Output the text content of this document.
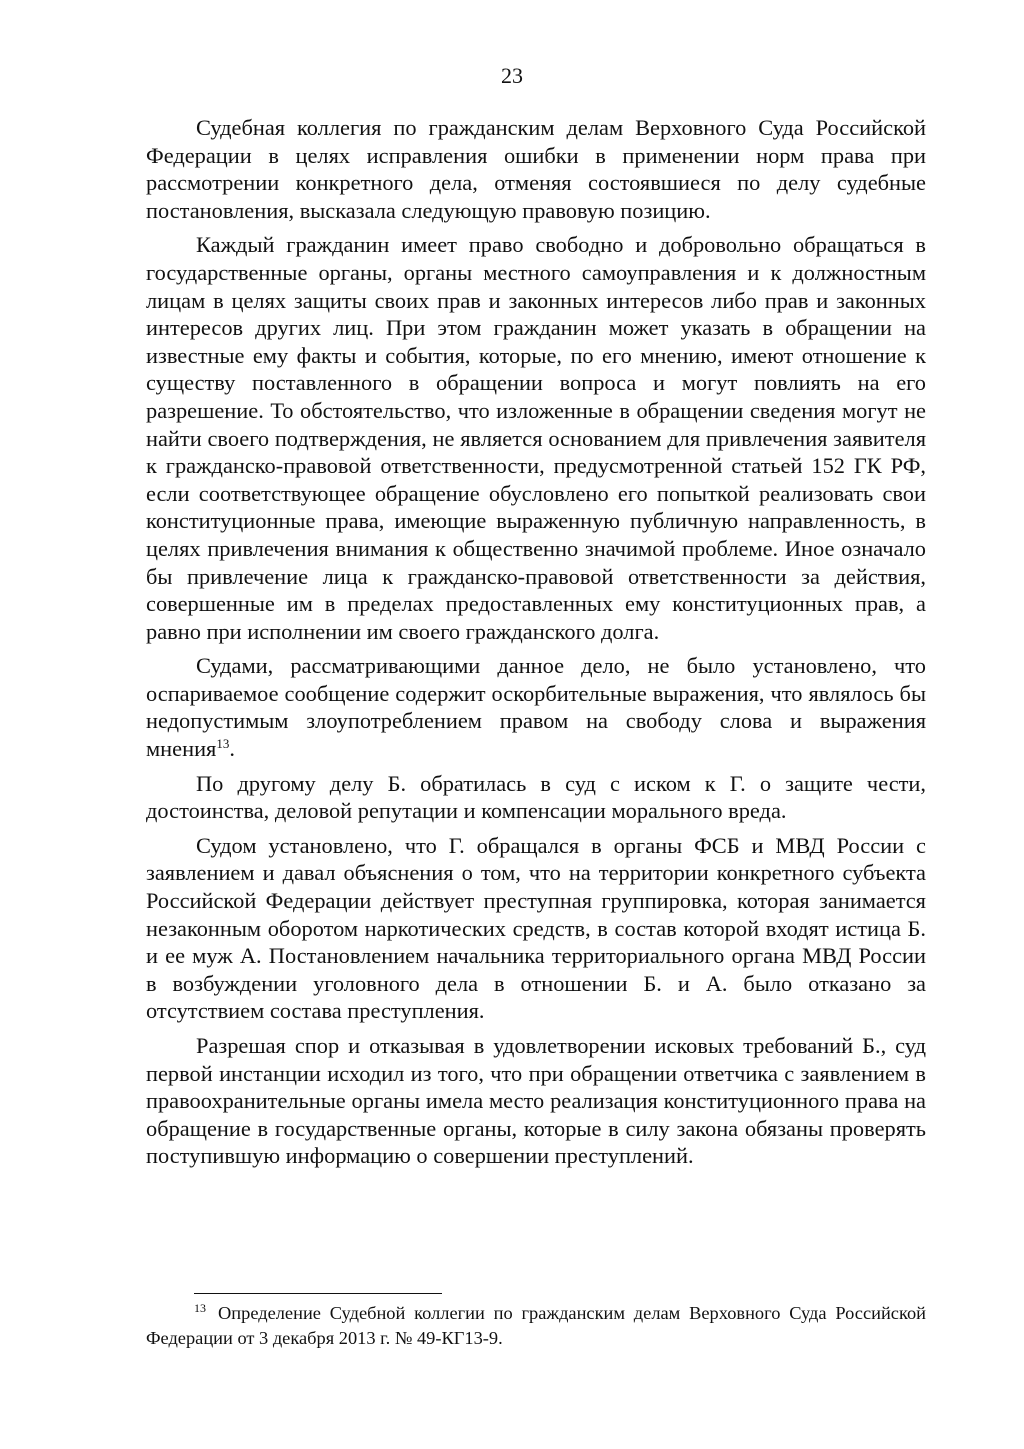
23

Судебная коллегия по гражданским делам Верховного Суда Российской Федерации в целях исправления ошибки в применении норм права при рассмотрении конкретного дела, отменяя состоявшиеся по делу судебные постановления, высказала следующую правовую позицию.

Каждый гражданин имеет право свободно и добровольно обращаться в государственные органы, органы местного самоуправления и к должностным лицам в целях защиты своих прав и законных интересов либо прав и законных интересов других лиц. При этом гражданин может указать в обращении на известные ему факты и события, которые, по его мнению, имеют отношение к существу поставленного в обращении вопроса и могут повлиять на его разрешение. То обстоятельство, что изложенные в обращении сведения могут не найти своего подтверждения, не является основанием для привлечения заявителя к гражданско-правовой ответственности, предусмотренной статьей 152 ГК РФ, если соответствующее обращение обусловлено его попыткой реализовать свои конституционные права, имеющие выраженную публичную направленность, в целях привлечения внимания к общественно значимой проблеме. Иное означало бы привлечение лица к гражданско-правовой ответственности за действия, совершенные им в пределах предоставленных ему конституционных прав, а равно при исполнении им своего гражданского долга.

Судами, рассматривающими данное дело, не было установлено, что оспариваемое сообщение содержит оскорбительные выражения, что являлось бы недопустимым злоупотреблением правом на свободу слова и выражения мнения$^{13}$.

По другому делу Б. обратилась в суд с иском к Г. о защите чести, достоинства, деловой репутации и компенсации морального вреда.

Судом установлено, что Г. обращался в органы ФСБ и МВД России с заявлением и давал объяснения о том, что на территории конкретного субъекта Российской Федерации действует преступная группировка, которая занимается незаконным оборотом наркотических средств, в состав которой входят истица Б. и ее муж А. Постановлением начальника территориального органа МВД России в возбуждении уголовного дела в отношении Б. и А. было отказано за отсутствием состава преступления.

Разрешая спор и отказывая в удовлетворении исковых требований Б., суд первой инстанции исходил из того, что при обращении ответчика с заявлением в правоохранительные органы имела место реализация конституционного права на обращение в государственные органы, которые в силу закона обязаны проверять поступившую информацию о совершении преступлений.

$^{13}$ Определение Судебной коллегии по гражданским делам Верховного Суда Российской Федерации от 3 декабря 2013 г. № 49-КГ13-9.
